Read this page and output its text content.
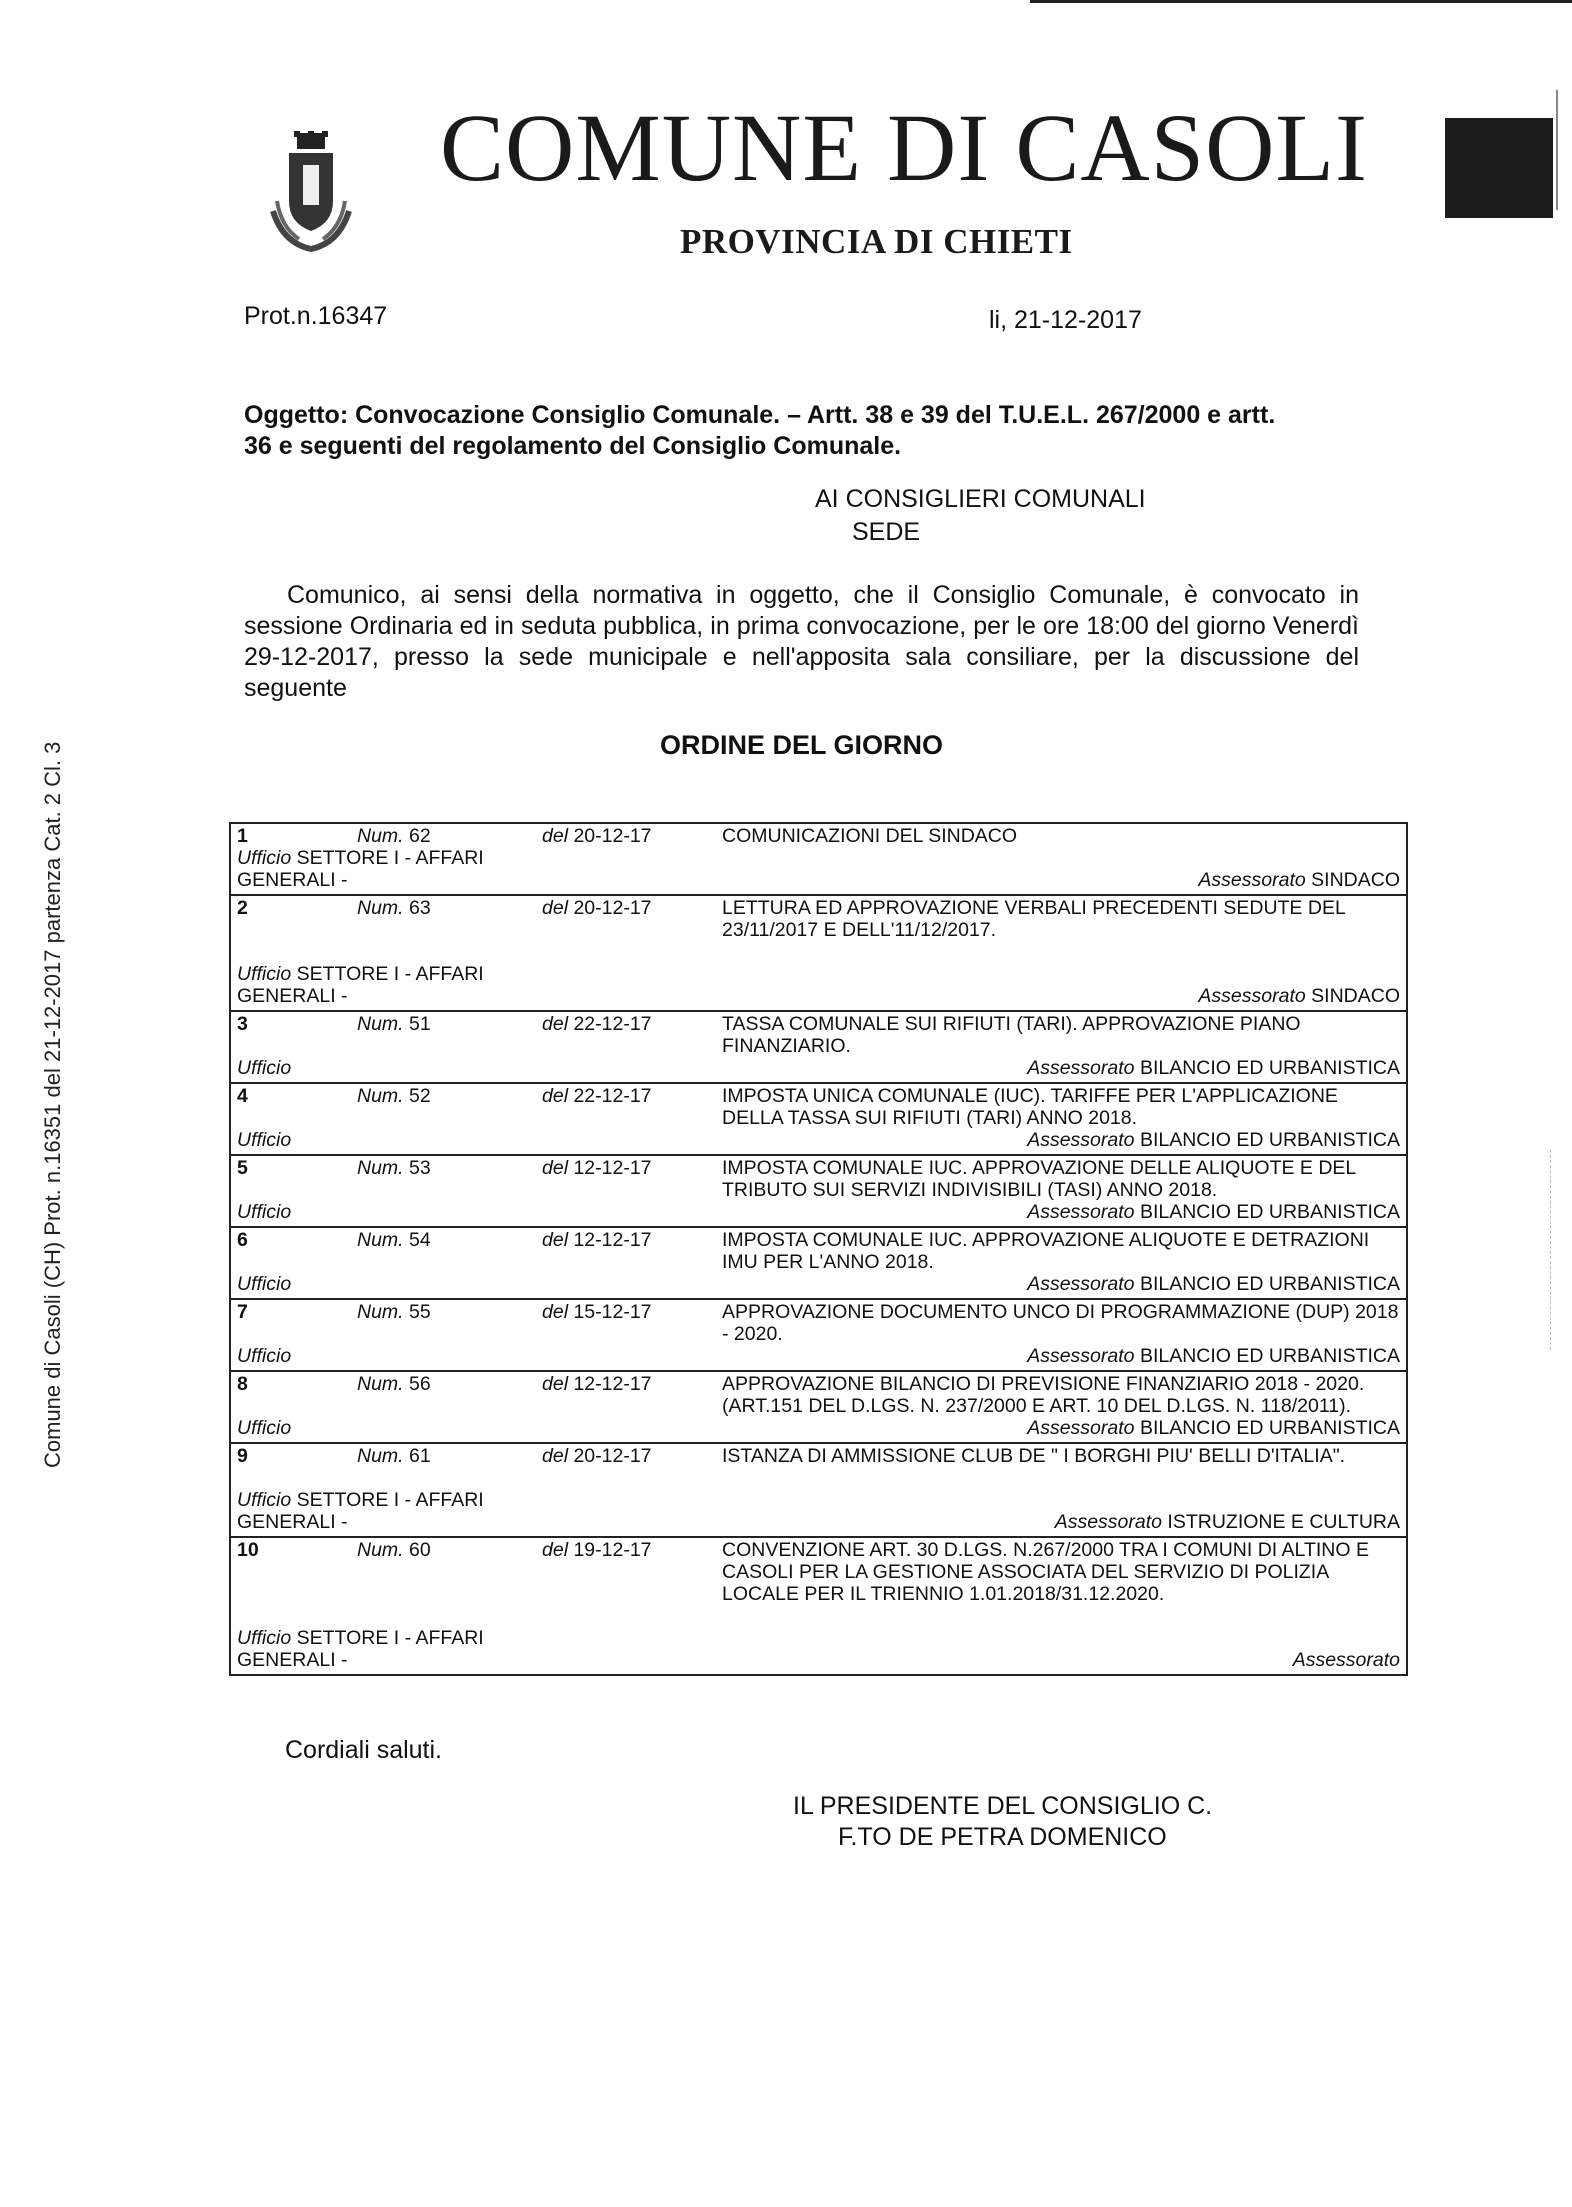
COMUNE DI CASOLI
PROVINCIA DI CHIETI
Prot.n.16347	li, 21-12-2017
Oggetto: Convocazione Consiglio Comunale. – Artt. 38 e 39 del T.U.E.L. 267/2000 e artt.
36 e seguenti del regolamento del Consiglio Comunale.
AI CONSIGLIERI COMUNALI
SEDE
Comunico, ai sensi della normativa in oggetto, che il Consiglio Comunale, è convocato in sessione Ordinaria ed in seduta pubblica, in prima convocazione, per le ore 18:00 del giorno Venerdì 29-12-2017, presso la sede municipale e nell'apposita sala consiliare, per la discussione del seguente
ORDINE DEL GIORNO
1	Num. 62	del 20-12-17	COMUNICAZIONI DEL SINDACO
Ufficio SETTORE I - AFFARI GENERALI -	Assessorato SINDACO

2	Num. 63	del 20-12-17	LETTURA ED APPROVAZIONE VERBALI PRECEDENTI SEDUTE DEL 23/11/2017 E DELL'11/12/2017.
Ufficio SETTORE I - AFFARI GENERALI -	Assessorato SINDACO

3	Num. 51	del 22-12-17	TASSA COMUNALE SUI RIFIUTI (TARI). APPROVAZIONE PIANO FINANZIARIO.
Ufficio	Assessorato BILANCIO ED URBANISTICA

4	Num. 52	del 22-12-17	IMPOSTA UNICA COMUNALE (IUC). TARIFFE PER L'APPLICAZIONE DELLA TASSA SUI RIFIUTI (TARI) ANNO 2018.
Ufficio	Assessorato BILANCIO ED URBANISTICA

5	Num. 53	del 12-12-17	IMPOSTA COMUNALE IUC. APPROVAZIONE DELLE ALIQUOTE E DEL TRIBUTO SUI SERVIZI INDIVISIBILI (TASI) ANNO 2018.
Ufficio	Assessorato BILANCIO ED URBANISTICA

6	Num. 54	del 12-12-17	IMPOSTA COMUNALE IUC. APPROVAZIONE ALIQUOTE E DETRAZIONI IMU PER L'ANNO 2018.
Ufficio	Assessorato BILANCIO ED URBANISTICA

7	Num. 55	del 15-12-17	APPROVAZIONE DOCUMENTO UNCO DI PROGRAMMAZIONE (DUP) 2018 - 2020.
Ufficio	Assessorato BILANCIO ED URBANISTICA

8	Num. 56	del 12-12-17	APPROVAZIONE BILANCIO DI PREVISIONE FINANZIARIO 2018 - 2020. (ART.151 DEL D.LGS. N. 237/2000 E ART. 10 DEL D.LGS. N. 118/2011).
Ufficio	Assessorato BILANCIO ED URBANISTICA

9	Num. 61	del 20-12-17	ISTANZA DI AMMISSIONE CLUB DE " I BORGHI PIU' BELLI D'ITALIA".
Ufficio SETTORE I - AFFARI GENERALI -	Assessorato ISTRUZIONE E CULTURA

10	Num. 60	del 19-12-17	CONVENZIONE ART. 30 D.LGS. N.267/2000 TRA I COMUNI DI ALTINO E CASOLI PER LA GESTIONE ASSOCIATA DEL SERVIZIO DI POLIZIA LOCALE PER IL TRIENNIO 1.01.2018/31.12.2020.
Ufficio SETTORE I - AFFARI GENERALI -	Assessorato
Cordiali saluti.
IL PRESIDENTE DEL CONSIGLIO C.
F.TO DE PETRA DOMENICO
Comune di Casoli (CH) Prot. n.16351 del 21-12-2017 partenza Cat. 2 Cl. 3
